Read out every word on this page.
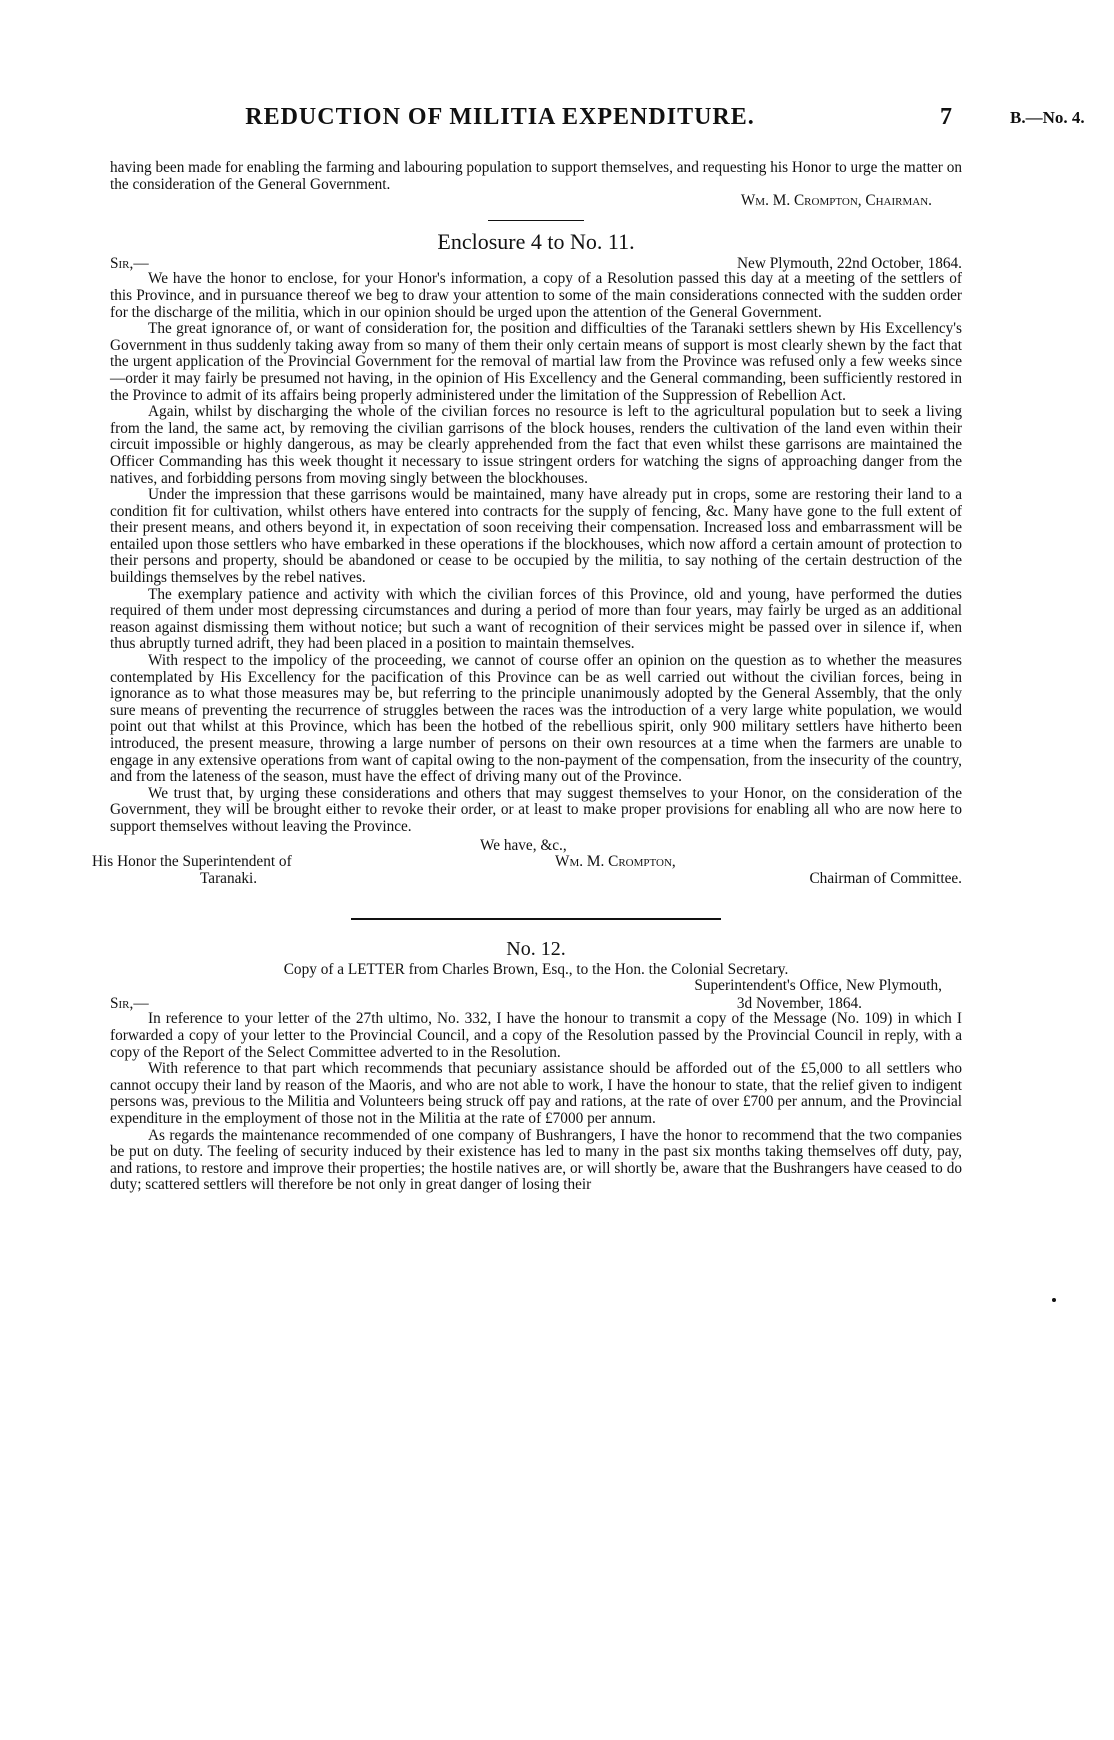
REDUCTION OF MILITIA EXPENDITURE.	7	B.—No. 4.

having been made for enabling the farming and labouring population to support themselves, and requesting his Honor to urge the matter on the consideration of the General Government.

Wm. M. Crompton, Chairman.

Enclosure 4 to No. 11.
Sir,—	New Plymouth, 22nd October, 1864.

We have the honor to enclose, for your Honor's information, a copy of a Resolution passed this day at a meeting of the settlers of this Province, and in pursuance thereof we beg to draw your attention to some of the main considerations connected with the sudden order for the discharge of the militia, which in our opinion should be urged upon the attention of the General Government.

The great ignorance of, or want of consideration for, the position and difficulties of the Taranaki settlers shewn by His Excellency's Government in thus suddenly taking away from so many of them their only certain means of support is most clearly shewn by the fact that the urgent application of the Provincial Government for the removal of martial law from the Province was refused only a few weeks since—order it may fairly be presumed not having, in the opinion of His Excellency and the General commanding, been sufficiently restored in the Province to admit of its affairs being properly administered under the limitation of the Suppression of Rebellion Act.

Again, whilst by discharging the whole of the civilian forces no resource is left to the agricultural population but to seek a living from the land, the same act, by removing the civilian garrisons of the block houses, renders the cultivation of the land even within their circuit impossible or highly dangerous, as may be clearly apprehended from the fact that even whilst these garrisons are maintained the Officer Commanding has this week thought it necessary to issue stringent orders for watching the signs of approaching danger from the natives, and forbidding persons from moving singly between the blockhouses.

Under the impression that these garrisons would be maintained, many have already put in crops, some are restoring their land to a condition fit for cultivation, whilst others have entered into contracts for the supply of fencing, &c. Many have gone to the full extent of their present means, and others beyond it, in expectation of soon receiving their compensation. Increased loss and embarrassment will be entailed upon those settlers who have embarked in these operations if the blockhouses, which now afford a certain amount of protection to their persons and property, should be abandoned or cease to be occupied by the militia, to say nothing of the certain destruction of the buildings themselves by the rebel natives.

The exemplary patience and activity with which the civilian forces of this Province, old and young, have performed the duties required of them under most depressing circumstances and during a period of more than four years, may fairly be urged as an additional reason against dismissing them without notice; but such a want of recognition of their services might be passed over in silence if, when thus abruptly turned adrift, they had been placed in a position to maintain themselves.

With respect to the impolicy of the proceeding, we cannot of course offer an opinion on the question as to whether the measures contemplated by His Excellency for the pacification of this Province can be as well carried out without the civilian forces, being in ignorance as to what those measures may be, but referring to the principle unanimously adopted by the General Assembly, that the only sure means of preventing the recurrence of struggles between the races was the introduction of a very large white population, we would point out that whilst at this Province, which has been the hotbed of the rebellious spirit, only 900 military settlers have hitherto been introduced, the present measure, throwing a large number of persons on their own resources at a time when the farmers are unable to engage in any extensive operations from want of capital owing to the non-payment of the compensation, from the insecurity of the country, and from the lateness of the season, must have the effect of driving many out of the Province.

We trust that, by urging these considerations and others that may suggest themselves to your Honor, on the consideration of the Government, they will be brought either to revoke their order, or at least to make proper provisions for enabling all who are now here to support themselves without leaving the Province.

We have, &c.,
His Honor the Superintendent of
Taranaki.
Wm. M. Crompton,
Chairman of Committee.
No. 12.
Copy of a LETTER from Charles Brown, Esq., to the Hon. the Colonial Secretary.
Superintendent's Office, New Plymouth,
Sir,—	3d November, 1864.

In reference to your letter of the 27th ultimo, No. 332, I have the honour to transmit a copy of the Message (No. 109) in which I forwarded a copy of your letter to the Provincial Council, and a copy of the Resolution passed by the Provincial Council in reply, with a copy of the Report of the Select Committee adverted to in the Resolution.

With reference to that part which recommends that pecuniary assistance should be afforded out of the £5,000 to all settlers who cannot occupy their land by reason of the Maoris, and who are not able to work, I have the honour to state, that the relief given to indigent persons was, previous to the Militia and Volunteers being struck off pay and rations, at the rate of over £700 per annum, and the Provincial expenditure in the employment of those not in the Militia at the rate of £7000 per annum.

As regards the maintenance recommended of one company of Bushrangers, I have the honor to recommend that the two companies be put on duty. The feeling of security induced by their existence has led to many in the past six months taking themselves off duty, pay, and rations, to restore and improve their properties; the hostile natives are, or will shortly be, aware that the Bushrangers have ceased to do duty; scattered settlers will therefore be not only in great danger of losing their
